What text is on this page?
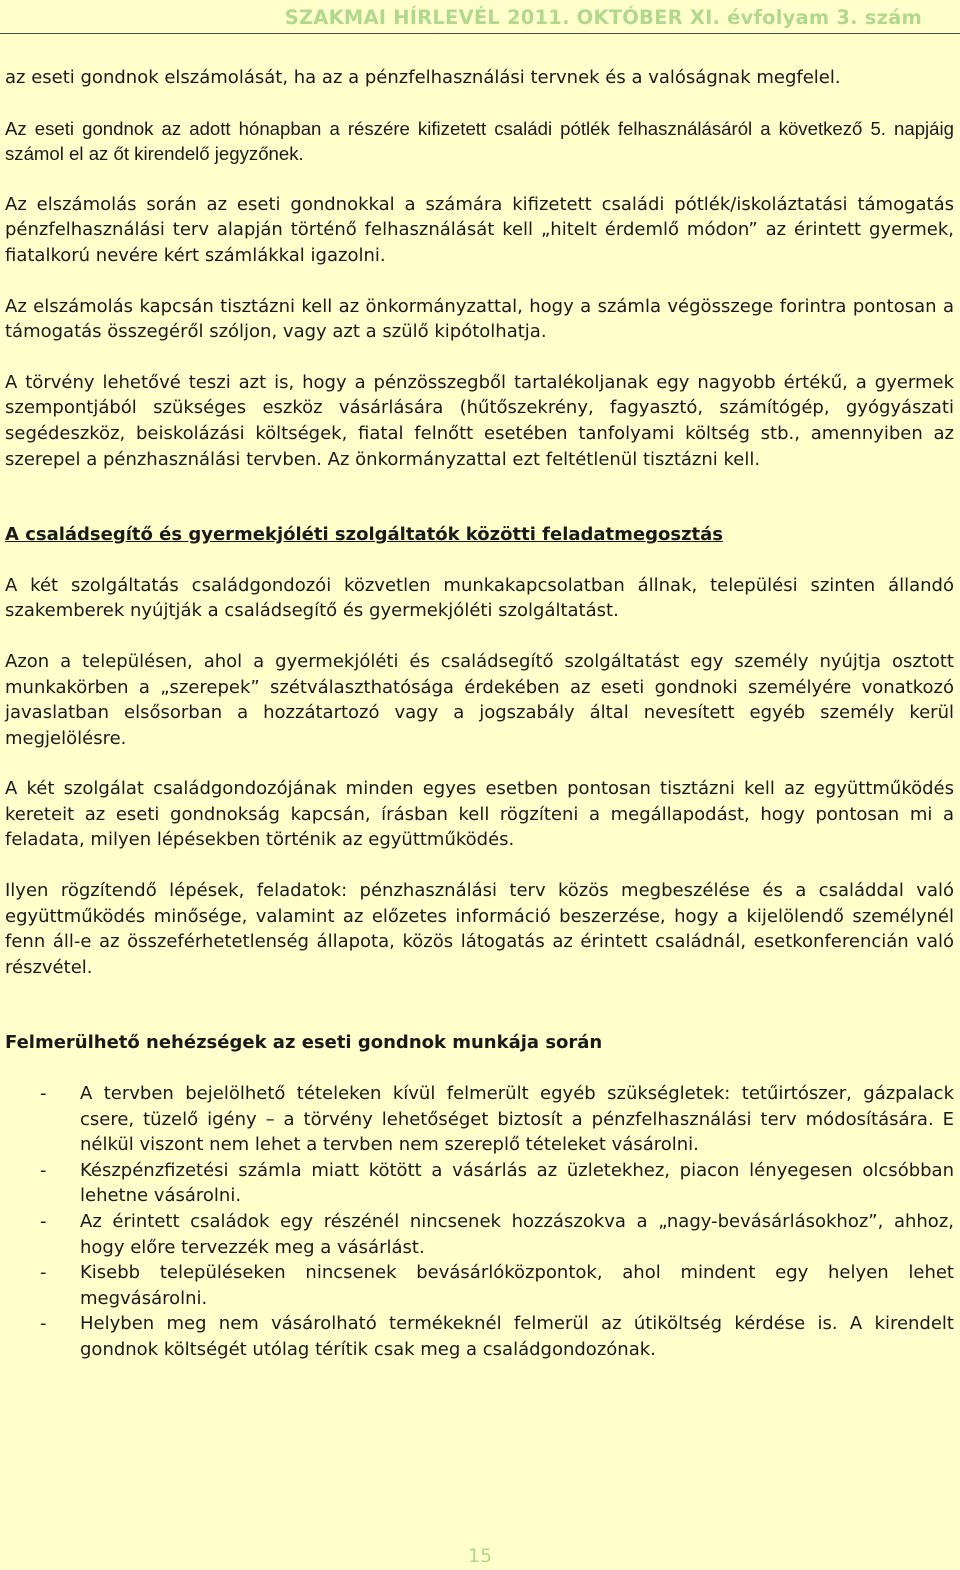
SZAKMAI HÍRLEVÉL 2011. OKTÓBER XI. évfolyam 3. szám

az eseti gondnok elszámolását, ha az a pénzfelhasználási tervnek és a valóságnak megfelel.

Az eseti gondnok az adott hónapban a részére kifizetett családi pótlék felhasználásáról a következő 5. napjáig számol el az őt kirendelő jegyzőnek.

Az elszámolás során az eseti gondnokkal a számára kifizetett családi pótlék/iskoláztatási támogatás pénzfelhasználási terv alapján történő felhasználását kell „hitelt érdemlő módon” az érintett gyermek, fiatalkorú nevére kért számlákkal igazolni.

Az elszámolás kapcsán tisztázni kell az önkormányzattal, hogy a számla végösszege forintra pontosan a támogatás összegéről szóljon, vagy azt a szülő kipótolhatja.

A törvény lehetővé teszi azt is, hogy a pénzösszegből tartalékoljanak egy nagyobb értékű, a gyermek szempontjából szükséges eszköz vásárlására (hűtőszekrény, fagyasztó, számítógép, gyógyászati segédeszköz, beiskolázási költségek, fiatal felnőtt esetében tanfolyami költség stb., amennyiben az szerepel a pénzhasználási tervben. Az önkormányzattal ezt feltétlenül tisztázni kell.

A családsegítő és gyermekjóléti szolgáltatók közötti feladatmegosztás

A két szolgáltatás családgondozói közvetlen munkakapcsolatban állnak, települési szinten állandó szakemberek nyújtják a családsegítő és gyermekjóléti szolgáltatást.

Azon a településen, ahol a gyermekjóléti és családsegítő szolgáltatást egy személy nyújtja osztott munkakörben a „szerepek” szétválaszthatósága érdekében az eseti gondnoki személyére vonatkozó javaslatban elsősorban a hozzátartozó vagy a jogszabály által nevesített egyéb személy kerül megjelölésre.

A két szolgálat családgondozójának minden egyes esetben pontosan tisztázni kell az együttműködés kereteit az eseti gondnokság kapcsán, írásban kell rögzíteni a megállapodást, hogy pontosan mi a feladata, milyen lépésekben történik az együttműködés.

Ilyen rögzítendő lépések, feladatok: pénzhasználási terv közös megbeszélése és a családdal való együttműködés minősége, valamint az előzetes információ beszerzése, hogy a kijelölendő személynél fenn áll-e az összeférhetetlenség állapota, közös látogatás az érintett családnál, esetkonferencián való részvétel.

Felmerülhető nehézségek az eseti gondnok munkája során
- A tervben bejelölhető tételeken kívül felmerült egyéb szükségletek: tetűirtószer, gázpalack csere, tüzelő igény – a törvény lehetőséget biztosít a pénzfelhasználási terv módosítására. E nélkül viszont nem lehet a tervben nem szereplő tételeket vásárolni.
- Készpénzfizetési számla miatt kötött a vásárlás az üzletekhez, piacon lényegesen olcsóbban lehetne vásárolni.
- Az érintett családok egy részénél nincsenek hozzászokva a „nagy-bevásárlásokhoz”, ahhoz, hogy előre tervezzék meg a vásárlást.
- Kisebb településeken nincsenek bevásárlóközpontok, ahol mindent egy helyen lehet megvásárolni.
- Helyben meg nem vásárolható termékeknél felmerül az útiköltség kérdése is. A kirendelt gondnok költségét utólag térítik csak meg a családgondozónak.
15
